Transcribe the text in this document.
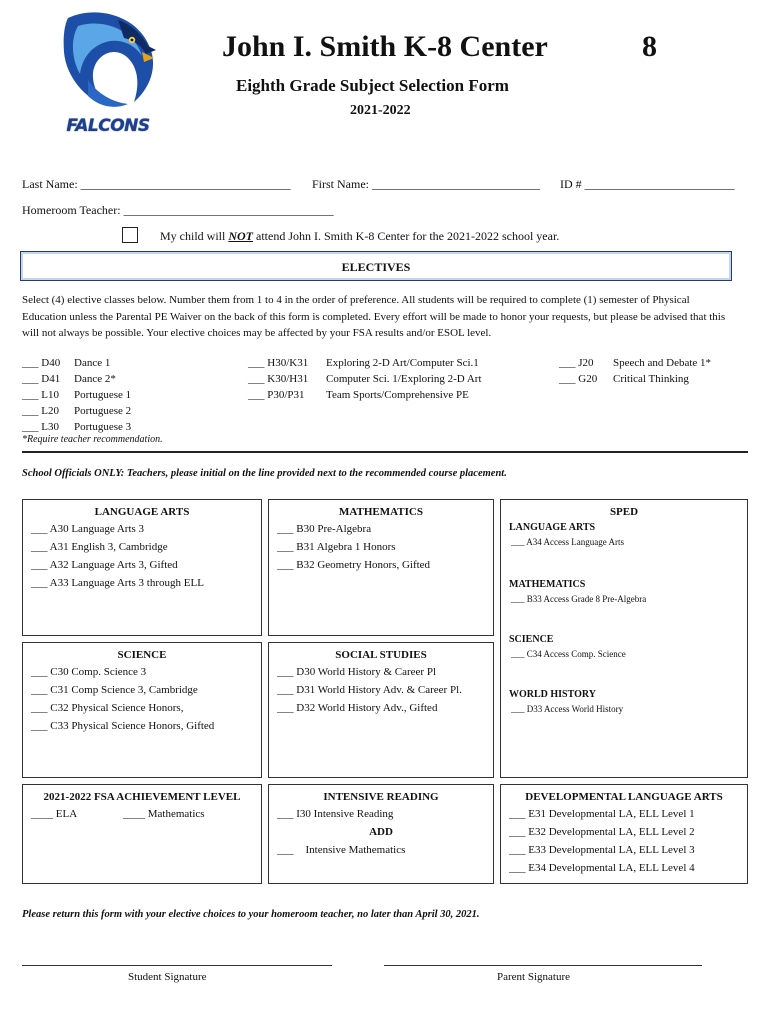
FALCONS
John I. Smith K-8 Center	8
Eighth Grade Subject Selection Form
2021-2022
Last Name: ___________________________________ First Name: ____________________________ ID # _________________________
Homeroom Teacher: ___________________________________
My child will NOT attend John I. Smith K-8 Center for the 2021-2022 school year.
ELECTIVES
Select (4) elective classes below. Number them from 1 to 4 in the order of preference. All students will be required to complete (1) semester of Physical Education unless the Parental PE Waiver on the back of this form is completed. Every effort will be made to honor your requests, but please be advised that this will not always be possible. Your elective choices may be affected by your FSA results and/or ESOL level.
___ D40 Dance 1
___ D41 Dance 2*
___ L10 Portuguese 1
___ L20 Portuguese 2
___ L30 Portuguese 3
___ H30/K31 Exploring 2-D Art/Computer Sci.1
___ K30/H31 Computer Sci. 1/Exploring 2-D Art
___ P30/P31 Team Sports/Comprehensive PE
___ J20 Speech and Debate 1*
___ G20 Critical Thinking
*Require teacher recommendation.
School Officials ONLY: Teachers, please initial on the line provided next to the recommended course placement.
LANGUAGE ARTS
___ A30 Language Arts 3
___ A31 English 3, Cambridge
___ A32 Language Arts 3, Gifted
___ A33 Language Arts 3 through ELL
MATHEMATICS
___ B30 Pre-Algebra
___ B31 Algebra 1 Honors
___ B32 Geometry Honors, Gifted
SPED
LANGUAGE ARTS
___ A34 Access Language Arts
MATHEMATICS
___ B33 Access Grade 8 Pre-Algebra
SCIENCE
___ C34 Access Comp. Science
WORLD HISTORY
___ D33 Access World History
SCIENCE
___ C30 Comp. Science 3
___ C31 Comp Science 3, Cambridge
___ C32 Physical Science Honors,
___ C33 Physical Science Honors, Gifted
SOCIAL STUDIES
___ D30 World History & Career Pl
___ D31 World History Adv. & Career Pl.
___ D32 World History Adv., Gifted
2021-2022 FSA ACHIEVEMENT LEVEL
____ ELA	____ Mathematics
INTENSIVE READING
___ I30 Intensive Reading
ADD
___ Intensive Mathematics
DEVELOPMENTAL LANGUAGE ARTS
___ E31 Developmental LA, ELL Level 1
___ E32 Developmental LA, ELL Level 2
___ E33 Developmental LA, ELL Level 3
___ E34 Developmental LA, ELL Level 4
Please return this form with your elective choices to your homeroom teacher, no later than April 30, 2021.
Student Signature	Parent Signature
